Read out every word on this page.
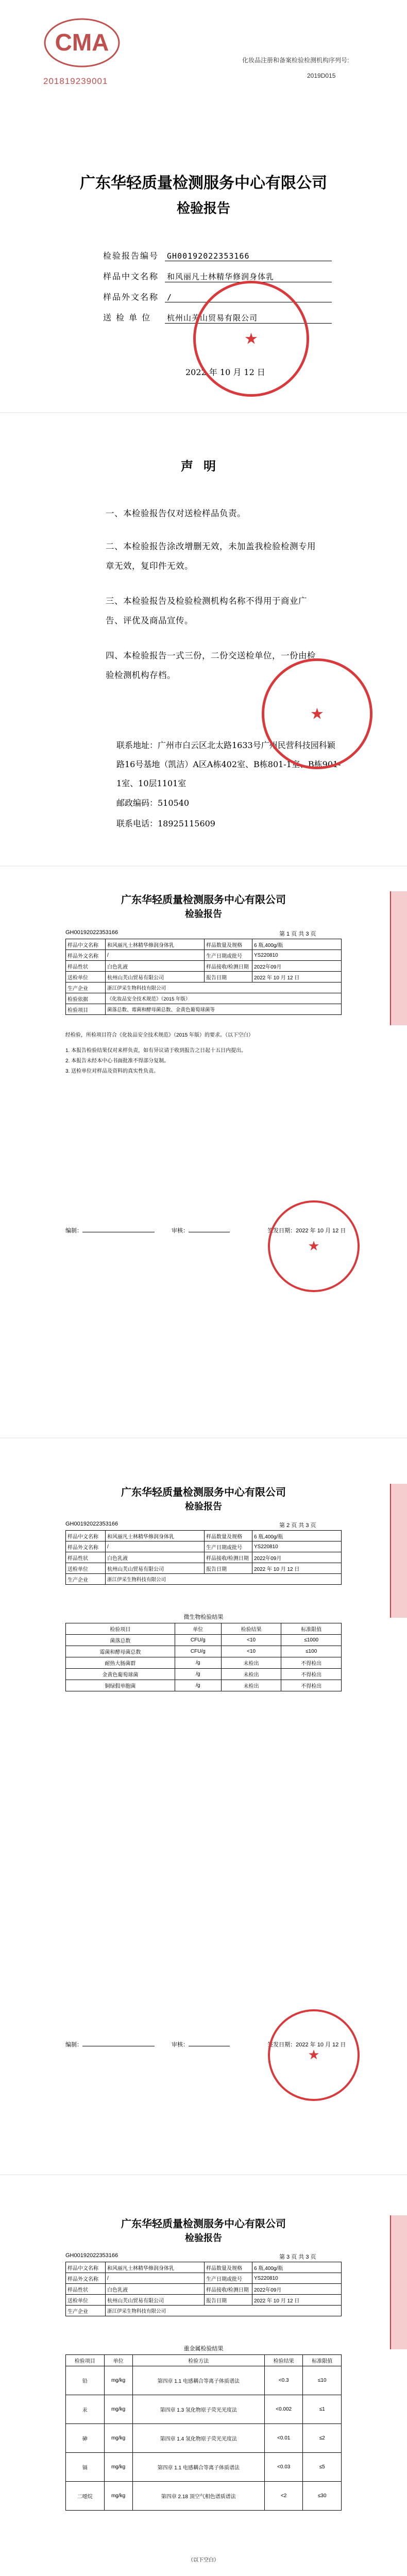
CMA
201819239001
化妆品注册和备案检验检测机构序列号:
2019D015
广东华轻质量检测服务中心有限公司
检验报告
检验报告编号 GH00192022353166
样品中文名称 和风丽凡士林精华修润身体乳
样品外文名称 /
送 检 单 位 杭州山芙山贸易有限公司
2022 年 10 月 12 日
★
声明
一、本检验报告仅对送检样品负责。
二、本检验报告涂改增删无效，未加盖我检验检测专用章无效，复印件无效。
三、本检验报告及检验检测机构名称不得用于商业广告、评优及商品宣传。
四、本检验报告一式三份，二份交送检单位，一份由检验检测机构存档。
联系地址：广州市白云区北太路1633号广州民营科技园科颖路16号基地（凯洁）A区A栋402室、B栋801-1室、B栋901-1室、10层1101室
邮政编码：510540
联系电话：18925115609
★
广东华轻质量检测服务中心有限公司
检验报告
GH00192022353166	第 1 页 共 3 页
样品中文名称	和风丽凡士林精华修润身体乳	样品数量及规格	6 瓶,400g/瓶
样品外文名称	/	生产日期或批号	YS220810
样品性状	白色乳液	样品接收/检测日期	2022年09月
送检单位	杭州山芙山贸易有限公司	报告日期	2022 年 10 月 12 日
生产企业	浙江伊采生物科技有限公司		
检验依据	《化妆品安全技术规范》（2015 年版）		
检验项目	菌落总数、霉菌和酵母菌总数、金黄色葡萄球菌等		
经检验，所检项目符合《化妆品安全技术规范》（2015 年版）的要求。（以下空白）
1. 本报告检验结果仅对来样负责，如有异议请于收到报告之日起十五日内提出。
2. 本报告未经本中心书面批准不得部分复制。
3. 送检单位对样品及资料的真实性负责。
编制：	审核：	签发日期：2022 年 10 月 12 日
★
广东华轻质量检测服务中心有限公司
检验报告
GH00192022353166	第 2 页 共 3 页
样品中文名称	和风丽凡士林精华修润身体乳	样品数量及规格	6 瓶,400g/瓶
样品外文名称	/	生产日期或批号	YS220810
样品性状	白色乳液	样品接收/检测日期	2022年09月
送检单位	杭州山芙山贸易有限公司	报告日期	2022 年 10 月 12 日
生产企业	浙江伊采生物科技有限公司		
微生物检验结果
检验项目	单位	检验结果	标准限值
菌落总数	CFU/g	<10	≤1000
霉菌和酵母菌总数	CFU/g	<10	≤100
耐热大肠菌群	/g	未检出	不得检出
金黄色葡萄球菌	/g	未检出	不得检出
铜绿假单胞菌	/g	未检出	不得检出
编制：	审核：	签发日期：2022 年 10 月 12 日
★
广东华轻质量检测服务中心有限公司
检验报告
GH00192022353166	第 3 页 共 3 页
样品中文名称	和风丽凡士林精华修润身体乳	样品数量及规格	6 瓶,400g/瓶
样品外文名称	/	生产日期或批号	YS220810
样品性状	白色乳液	样品接收/检测日期	2022年09月
送检单位	杭州山芙山贸易有限公司	报告日期	2022 年 10 月 12 日
生产企业	浙江伊采生物科技有限公司		
重金属检验结果
检验项目	单位	检验方法	检验结果	标准限值
铅	mg/kg	第四章 1.1 电感耦合等离子体质谱法	<0.3	≤10
汞	mg/kg	第四章 1.3 氢化物原子荧光光度法	<0.002	≤1
砷	mg/kg	第四章 1.4 氢化物原子荧光光度法	<0.01	≤2
镉	mg/kg	第四章 1.1 电感耦合等离子体质谱法	<0.03	≤5
二噁烷	mg/kg	第四章 2.18 顶空气相色谱质谱法	<2	≤30
（以下空白）
